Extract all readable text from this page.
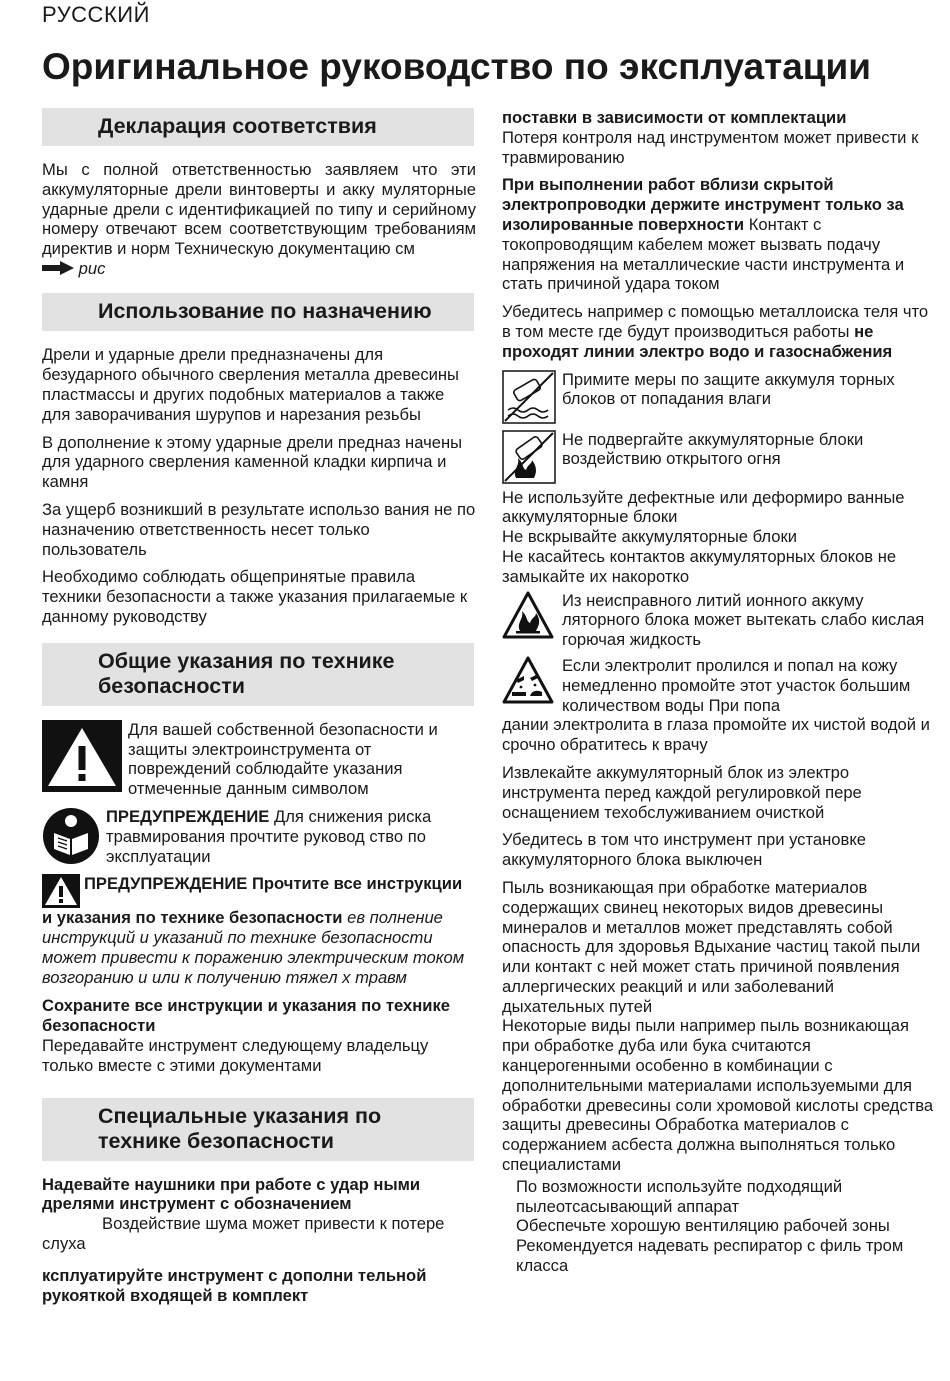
РУССКИЙ
Оригинальное руководство по эксплуатации
Декларация соответствия

Мы с полной ответственностью заявляем что эти аккумуляторные дрели винтоверты и акку муляторные ударные дрели с идентификацией по типу и серийному номеру отвечают всем соответствующим требованиям директив и норм Техническую документацию см
рис

Использование по назначению

Дрели и ударные дрели предназначены для безударного обычного сверления металла древесины пластмассы и других подобных материалов а также для заворачивания шурупов и нарезания резьбы

В дополнение к этому ударные дрели предназ начены для ударного сверления каменной кладки кирпича и камня

За ущерб возникший в результате использо вания не по назначению ответственность несет только пользователь

Необходимо соблюдать общепринятые правила техники безопасности а также указания прилагаемые к данному руководству

Общие указания по технике безопасности
Для вашей собственной безопасности и защиты электроинструмента от повреждений соблюдайте указания отмеченные данным символом
ПРЕДУПРЕЖДЕНИЕ Для снижения риска травмирования прочтите руковод ство по эксплуатации

ПРЕДУПРЕЖДЕНИЕ Прочтите все инструкции и указания по технике безопасности ев полнение инструкций и указаний по технике безопасности может привести к поражению электрическим током возгоранию и или к получению тяжел х травм

Сохраните все инструкции и указания по технике безопасности
Передавайте инструмент следующему владельцу только вместе с этими документами

Специальные указания по технике безопасности

Надевайте наушники при работе с удар ными дрелями инструмент с обозначением
Воздействие шума может привести к потере слуха

ксплуатируйте инструмент с дополни тельной рукояткой входящей в комплект

поставки в зависимости от комплектации
Потеря контроля над инструментом может привести к травмированию

При выполнении работ вблизи скрытой электропроводки держите инструмент только за изолированные поверхности Контакт с токопроводящим кабелем может вызвать подачу напряжения на металлические части инструмента и стать причиной удара током

Убедитесь например с помощью металлоиска теля что в том месте где будут производиться работы не проходят линии электро водо и газоснабжения

Примите меры по защите аккумуля торных блоков от попадания влаги
Не подвергайте аккумуляторные блоки воздействию открытого огня

Не используйте дефектные или деформиро ванные аккумуляторные блоки
Не вскрывайте аккумуляторные блоки
Не касайтесь контактов аккумуляторных блоков не замыкайте их накоротко

Из неисправного литий ионного аккуму ляторного блока может вытекать слабо кислая горючая жидкость
Если электролит пролился и попал на кожу немедленно промойте этот участок большим количеством воды При попа
дании электролита в глаза промойте их чистой водой и срочно обратитесь к врачу

Извлекайте аккумуляторный блок из электро инструмента перед каждой регулировкой пере оснащением техобслуживанием очисткой

Убедитесь в том что инструмент при установке аккумуляторного блока выключен

Пыль возникающая при обработке материалов содержащих свинец некоторых видов древесины минералов и металлов может представлять собой опасность для здоровья Вдыхание частиц такой пыли или контакт с ней может стать причиной появления аллергических реакций и или заболеваний дыхательных путей

Некоторые виды пыли например пыль возникающая при обработке дуба или бука считаются канцерогенными особенно в комбинации с дополнительными материалами используемыми для обработки древесины соли хромовой кислоты средства защиты древесины Обработка материалов с содержанием асбеста должна выполняться только специалистами

По возможности используйте подходящий пылеотсасывающий аппарат

Обеспечьте хорошую вентиляцию рабочей зоны

Рекомендуется надевать респиратор с филь тром класса
